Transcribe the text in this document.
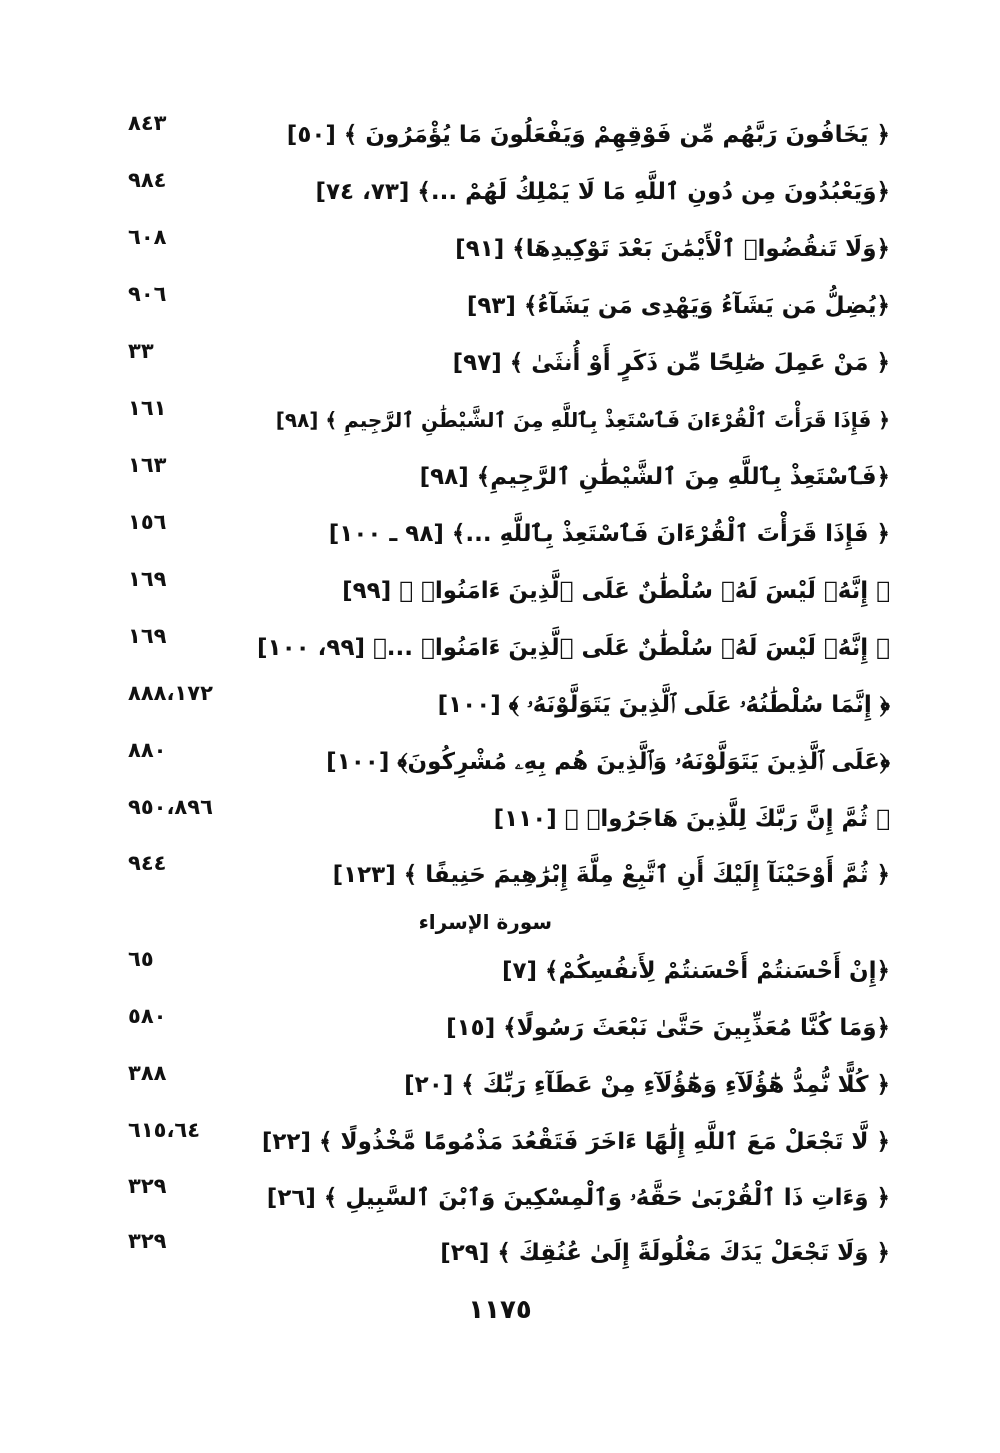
﴿ يَخَافُونَ رَبَّهُم مِّن فَوْقِهِمْ وَيَفْعَلُونَ مَا يُؤْمَرُونَ ﴾ [٥٠]
٨٤٣
﴿وَيَعْبُدُونَ مِن دُونِ ٱللَّهِ مَا لَا يَمْلِكُ لَهُمْ ...﴾ [٧٣، ٧٤]
٩٨٤
﴿وَلَا تَنقُضُوا۟ ٱلْأَيْمَٰنَ بَعْدَ تَوْكِيدِهَا﴾ [٩١]
٦٠٨
﴿يُضِلُّ مَن يَشَآءُ وَيَهْدِى مَن يَشَآءُ﴾ [٩٣]
٩٠٦
﴿ مَنْ عَمِلَ صَٰلِحًا مِّن ذَكَرٍ أَوْ أُنثَىٰ ﴾ [٩٧]
٣٣
﴿ فَإِذَا قَرَأْتَ ٱلْقُرْءَانَ فَٱسْتَعِذْ بِٱللَّهِ مِنَ ٱلشَّيْطَٰنِ ٱلرَّجِيمِ ﴾ [٩٨]
١٦١
﴿فَٱسْتَعِذْ بِٱللَّهِ مِنَ ٱلشَّيْطَٰنِ ٱلرَّجِيمِ﴾ [٩٨]
١٦٣
﴿ فَإِذَا قَرَأْتَ ٱلْقُرْءَانَ فَٱسْتَعِذْ بِٱللَّهِ ...﴾ [٩٨ ـ ١٠٠]
١٥٦
﴿ إِنَّهُۥ لَيْسَ لَهُۥ سُلْطَٰنٌ عَلَى ٱلَّذِينَ ءَامَنُوا۟ ﴾ [٩٩]
١٦٩
﴿ إِنَّهُۥ لَيْسَ لَهُۥ سُلْطَٰنٌ عَلَى ٱلَّذِينَ ءَامَنُوا۟ ...﴾ [٩٩، ١٠٠]
١٦٩
﴿ إِنَّمَا سُلْطَٰنُهُۥ عَلَى ٱلَّذِينَ يَتَوَلَّوْنَهُۥ ﴾ [١٠٠]
٨٨٨،١٧٢
﴿عَلَى ٱلَّذِينَ يَتَوَلَّوْنَهُۥ وَٱلَّذِينَ هُم بِهِۦ مُشْرِكُونَ﴾ [١٠٠]
٨٨٠
﴿ ثُمَّ إِنَّ رَبَّكَ لِلَّذِينَ هَاجَرُوا۟ ﴾ [١١٠]
٩٥٠،٨٩٦
﴿ ثُمَّ أَوْحَيْنَآ إِلَيْكَ أَنِ ٱتَّبِعْ مِلَّةَ إِبْرَٰهِيمَ حَنِيفًا ﴾ [١٢٣]
٩٤٤
سورة الإسراء
﴿إِنْ أَحْسَنتُمْ أَحْسَنتُمْ لِأَنفُسِكُمْ﴾ [٧]
٦٥
﴿وَمَا كُنَّا مُعَذِّبِينَ حَتَّىٰ نَبْعَثَ رَسُولًا﴾ [١٥]
٥٨٠
﴿ كُلًّا نُّمِدُّ هَٰٓؤُلَآءِ وَهَٰٓؤُلَآءِ مِنْ عَطَآءِ رَبِّكَ ﴾ [٢٠]
٣٨٨
﴿ لَّا تَجْعَلْ مَعَ ٱللَّهِ إِلَٰهًا ءَاخَرَ فَتَقْعُدَ مَذْمُومًا مَّخْذُولًا ﴾ [٢٢]
٦١٥،٦٤
﴿ وَءَاتِ ذَا ٱلْقُرْبَىٰ حَقَّهُۥ وَٱلْمِسْكِينَ وَٱبْنَ ٱلسَّبِيلِ ﴾ [٢٦]
٣٢٩
﴿ وَلَا تَجْعَلْ يَدَكَ مَغْلُولَةً إِلَىٰ عُنُقِكَ ﴾ [٢٩]
٣٢٩
١١٧٥
